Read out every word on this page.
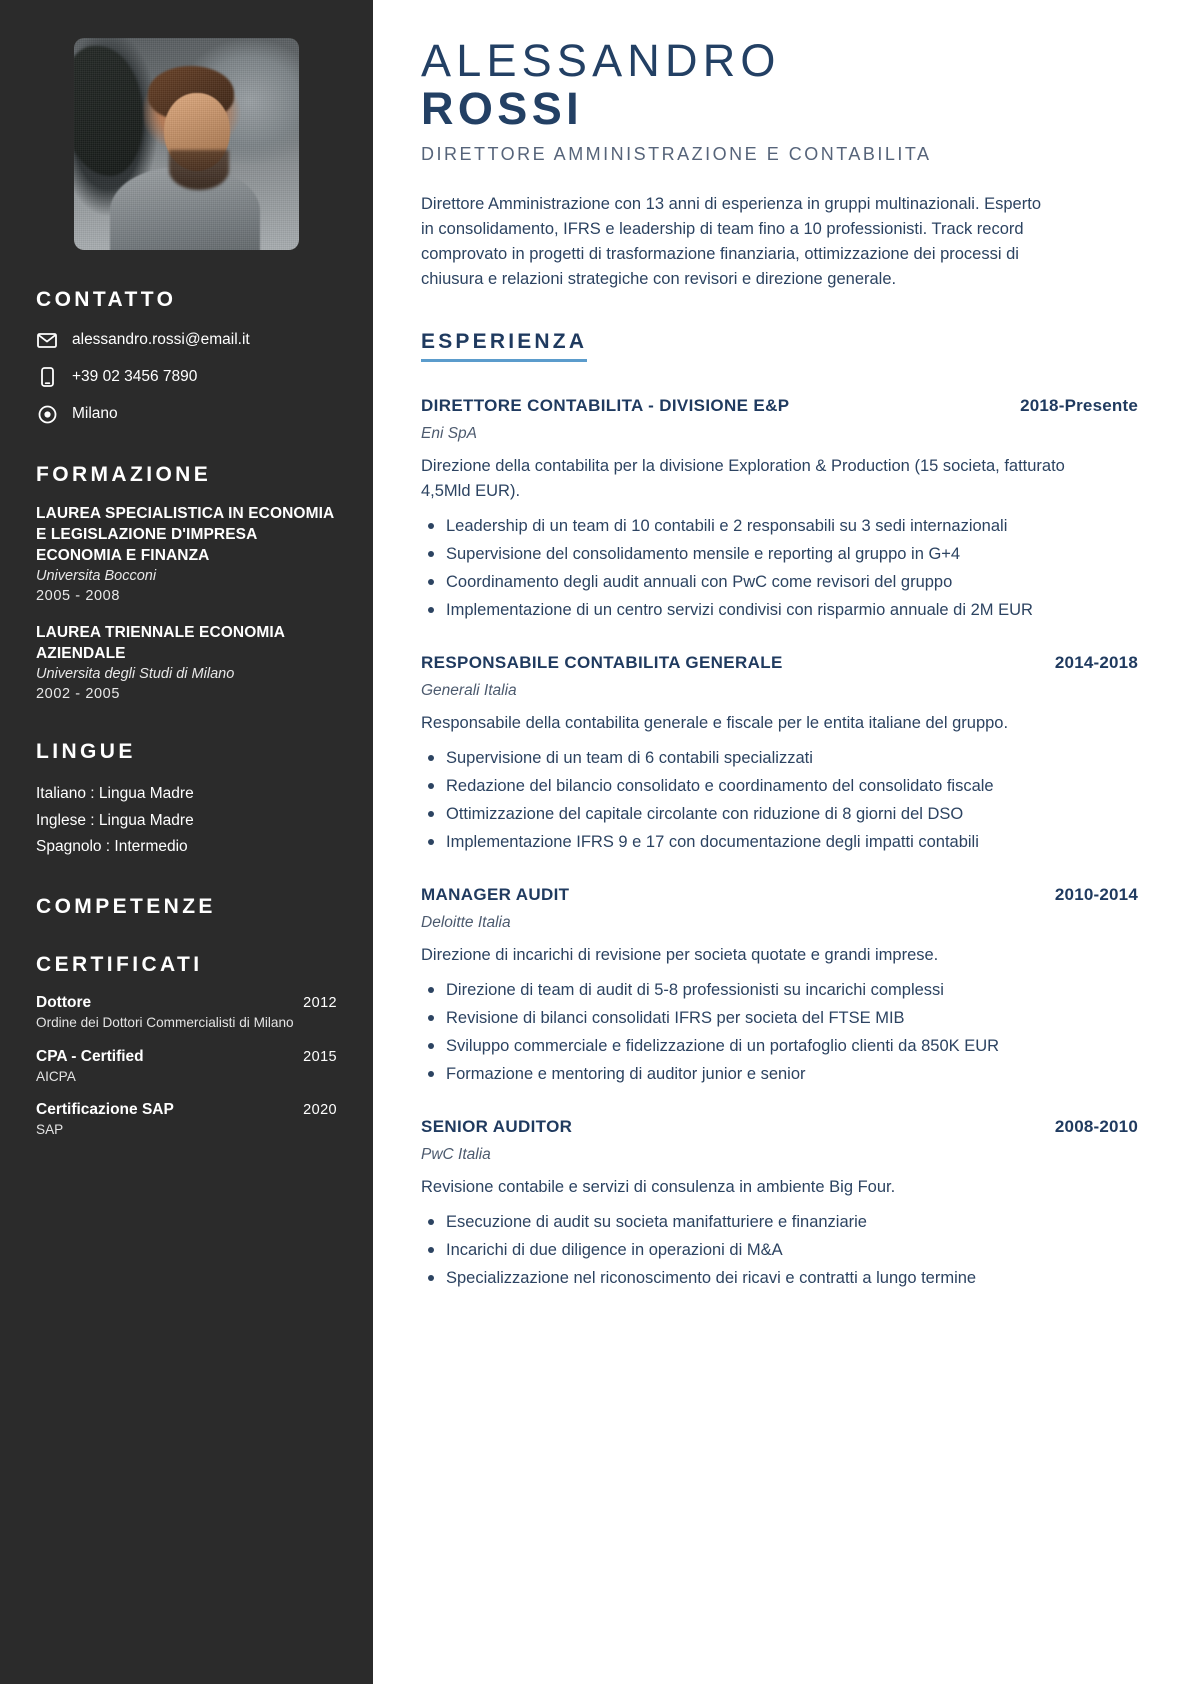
CONTATTO
alessandro.rossi@email.it
+39 02 3456 7890
Milano
FORMAZIONE
LAUREA SPECIALISTICA IN ECONOMIA E LEGISLAZIONE D'IMPRESA ECONOMIA E FINANZA
Universita Bocconi
2005 - 2008
LAUREA TRIENNALE ECONOMIA AZIENDALE
Universita degli Studi di Milano
2002 - 2005
LINGUE
Italiano : Lingua Madre
Inglese : Lingua Madre
Spagnolo : Intermedio
COMPETENZE
CERTIFICATI
Dottore	2012
Ordine dei Dottori Commercialisti di Milano
CPA - Certified	2015
AICPA
Certificazione SAP	2020
SAP
ALESSANDRO
ROSSI
DIRETTORE AMMINISTRAZIONE E CONTABILITA

Direttore Amministrazione con 13 anni di esperienza in gruppi multinazionali. Esperto in consolidamento, IFRS e leadership di team fino a 10 professionisti. Track record comprovato in progetti di trasformazione finanziaria, ottimizzazione dei processi di chiusura e relazioni strategiche con revisori e direzione generale.

ESPERIENZA
DIRETTORE CONTABILITA - DIVISIONE E&P	2018-Presente
Eni SpA

Direzione della contabilita per la divisione Exploration & Production (15 societa, fatturato 4,5Mld EUR).

Leadership di un team di 10 contabili e 2 responsabili su 3 sedi internazionali
Supervisione del consolidamento mensile e reporting al gruppo in G+4
Coordinamento degli audit annuali con PwC come revisori del gruppo
Implementazione di un centro servizi condivisi con risparmio annuale di 2M EUR
RESPONSABILE CONTABILITA GENERALE	2014-2018
Generali Italia

Responsabile della contabilita generale e fiscale per le entita italiane del gruppo.

Supervisione di un team di 6 contabili specializzati
Redazione del bilancio consolidato e coordinamento del consolidato fiscale
Ottimizzazione del capitale circolante con riduzione di 8 giorni del DSO
Implementazione IFRS 9 e 17 con documentazione degli impatti contabili
MANAGER AUDIT	2010-2014
Deloitte Italia

Direzione di incarichi di revisione per societa quotate e grandi imprese.

Direzione di team di audit di 5-8 professionisti su incarichi complessi
Revisione di bilanci consolidati IFRS per societa del FTSE MIB
Sviluppo commerciale e fidelizzazione di un portafoglio clienti da 850K EUR
Formazione e mentoring di auditor junior e senior
SENIOR AUDITOR	2008-2010
PwC Italia

Revisione contabile e servizi di consulenza in ambiente Big Four.

Esecuzione di audit su societa manifatturiere e finanziarie
Incarichi di due diligence in operazioni di M&A
Specializzazione nel riconoscimento dei ricavi e contratti a lungo termine
